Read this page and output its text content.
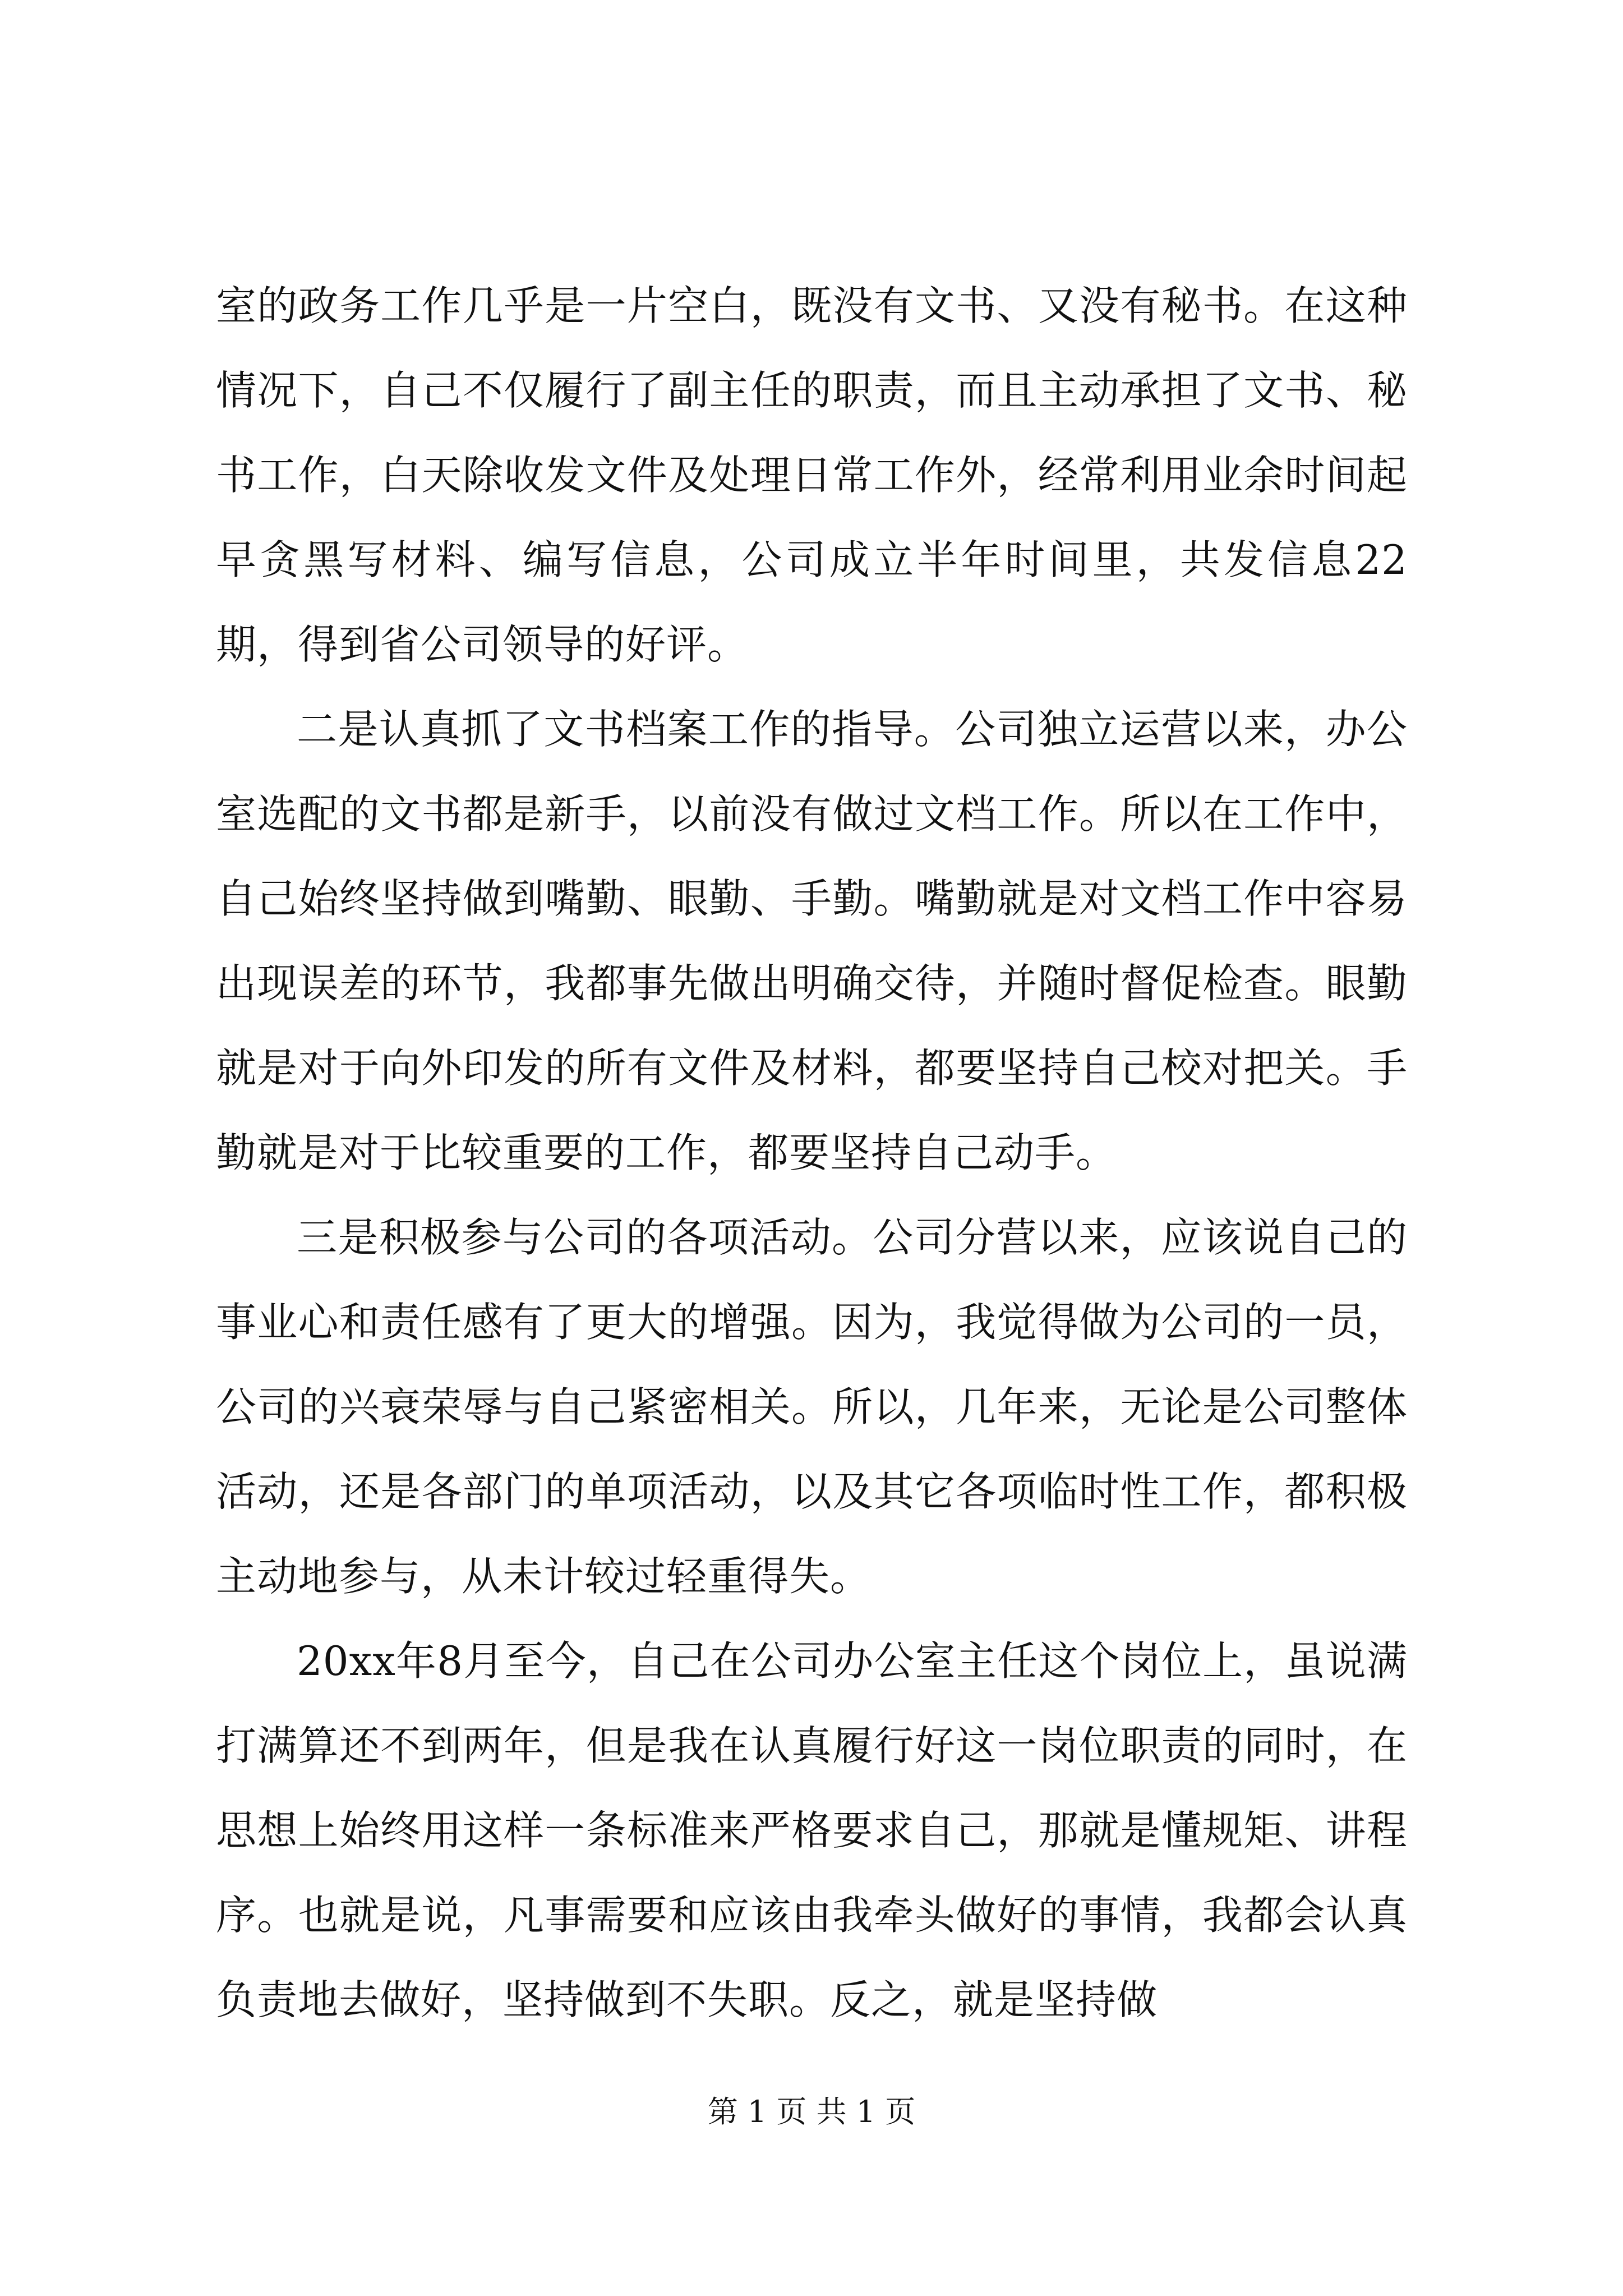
室的政务工作几乎是一片空白，既没有文书、又没有秘书。在这种情况下，自己不仅履行了副主任的职责，而且主动承担了文书、秘书工作，白天除收发文件及处理日常工作外，经常利用业余时间起早贪黑写材料、编写信息，公司成立半年时间里，共发信息22期，得到省公司领导的好评。

二是认真抓了文书档案工作的指导。公司独立运营以来，办公室选配的文书都是新手，以前没有做过文档工作。所以在工作中，自己始终坚持做到嘴勤、眼勤、手勤。嘴勤就是对文档工作中容易出现误差的环节，我都事先做出明确交待，并随时督促检查。眼勤就是对于向外印发的所有文件及材料，都要坚持自己校对把关。手勤就是对于比较重要的工作，都要坚持自己动手。

三是积极参与公司的各项活动。公司分营以来，应该说自己的事业心和责任感有了更大的增强。因为，我觉得做为公司的一员，公司的兴衰荣辱与自己紧密相关。所以，几年来，无论是公司整体活动，还是各部门的单项活动，以及其它各项临时性工作，都积极主动地参与，从未计较过轻重得失。

20xx年8月至今，自己在公司办公室主任这个岗位上，虽说满打满算还不到两年，但是我在认真履行好这一岗位职责的同时，在思想上始终用这样一条标准来严格要求自己，那就是懂规矩、讲程序。也就是说，凡事需要和应该由我牵头做好的事情，我都会认真负责地去做好，坚持做到不失职。反之，就是坚持做

第 1 页 共 1 页
